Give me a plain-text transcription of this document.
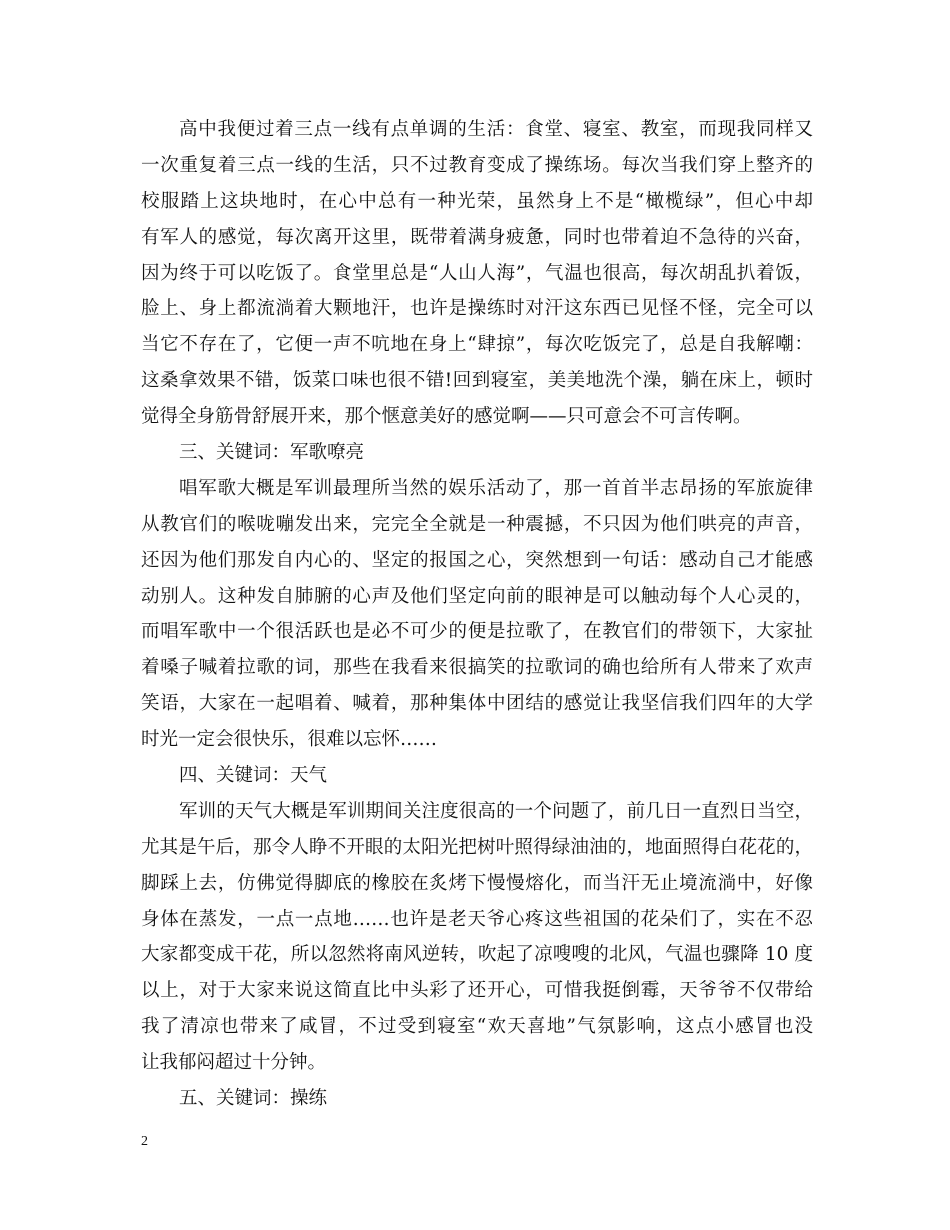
高中我便过着三点一线有点单调的生活：食堂、寝室、教室，而现我同样又
一次重复着三点一线的生活，只不过教育变成了操练场。每次当我们穿上整齐的
校服踏上这块地时，在心中总有一种光荣，虽然身上不是“橄榄绿”，但心中却
有军人的感觉，每次离开这里，既带着满身疲惫，同时也带着迫不急待的兴奋，
因为终于可以吃饭了。食堂里总是“人山人海”，气温也很高，每次胡乱扒着饭，
脸上、身上都流淌着大颗地汗，也许是操练时对汗这东西已见怪不怪，完全可以
当它不存在了，它便一声不吭地在身上“肆掠”，每次吃饭完了，总是自我解嘲：
这桑拿效果不错，饭菜口味也很不错!回到寝室，美美地洗个澡，躺在床上，顿时
觉得全身筋骨舒展开来，那个惬意美好的感觉啊——只可意会不可言传啊。
三、关键词：军歌嘹亮
唱军歌大概是军训最理所当然的娱乐活动了，那一首首半志昂扬的军旅旋律
从教官们的喉咙嘣发出来，完完全全就是一种震撼，不只因为他们哄亮的声音，
还因为他们那发自内心的、坚定的报国之心，突然想到一句话：感动自己才能感
动别人。这种发自肺腑的心声及他们坚定向前的眼神是可以触动每个人心灵的，
而唱军歌中一个很活跃也是必不可少的便是拉歌了，在教官们的带领下，大家扯
着嗓子喊着拉歌的词，那些在我看来很搞笑的拉歌词的确也给所有人带来了欢声
笑语，大家在一起唱着、喊着，那种集体中团结的感觉让我坚信我们四年的大学
时光一定会很快乐，很难以忘怀……
四、关键词：天气
军训的天气大概是军训期间关注度很高的一个问题了，前几日一直烈日当空，
尤其是午后，那令人睁不开眼的太阳光把树叶照得绿油油的，地面照得白花花的，
脚踩上去，仿佛觉得脚底的橡胶在炙烤下慢慢熔化，而当汗无止境流淌中，好像
身体在蒸发，一点一点地……也许是老天爷心疼这些祖国的花朵们了，实在不忍
大家都变成干花，所以忽然将南风逆转，吹起了凉嗖嗖的北风，气温也骤降 10 度
以上，对于大家来说这简直比中头彩了还开心，可惜我挺倒霉，天爷爷不仅带给
我了清凉也带来了咸冒，不过受到寝室“欢天喜地”气氛影响，这点小感冒也没
让我郁闷超过十分钟。
五、关键词：操练
2
